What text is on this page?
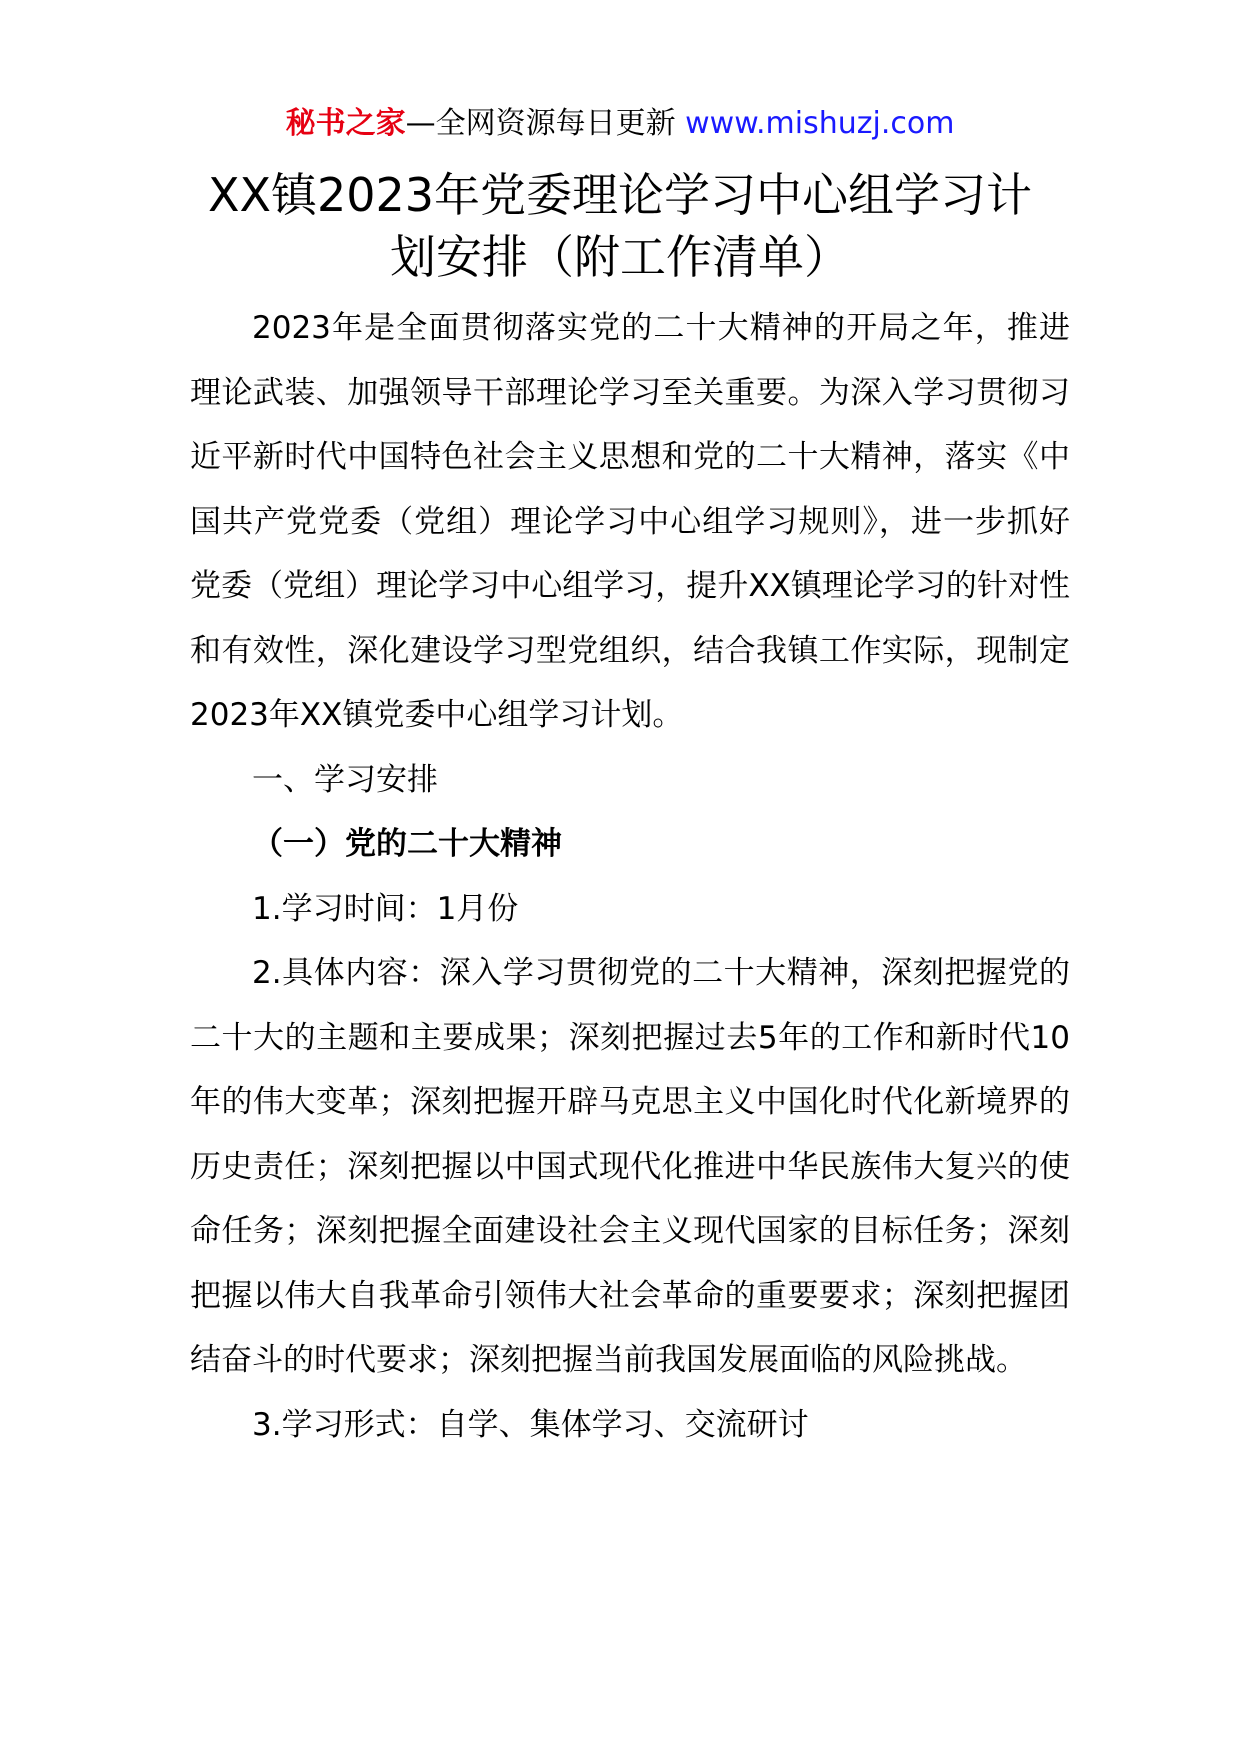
秘书之家—全网资源每日更新 www.mishuzj.com
XX镇2023年党委理论学习中心组学习计划安排（附工作清单）

2023年是全面贯彻落实党的二十大精神的开局之年，推进理论武装、加强领导干部理论学习至关重要。为深入学习贯彻习近平新时代中国特色社会主义思想和党的二十大精神，落实《中国共产党党委（党组）理论学习中心组学习规则》，进一步抓好党委（党组）理论学习中心组学习，提升XX镇理论学习的针对性和有效性，深化建设学习型党组织，结合我镇工作实际，现制定2023年XX镇党委中心组学习计划。

一、学习安排

（一）党的二十大精神

1.学习时间：1月份

2.具体内容：深入学习贯彻党的二十大精神，深刻把握党的二十大的主题和主要成果；深刻把握过去5年的工作和新时代10年的伟大变革；深刻把握开辟马克思主义中国化时代化新境界的历史责任；深刻把握以中国式现代化推进中华民族伟大复兴的使命任务；深刻把握全面建设社会主义现代国家的目标任务；深刻把握以伟大自我革命引领伟大社会革命的重要要求；深刻把握团结奋斗的时代要求；深刻把握当前我国发展面临的风险挑战。

3.学习形式：自学、集体学习、交流研讨
